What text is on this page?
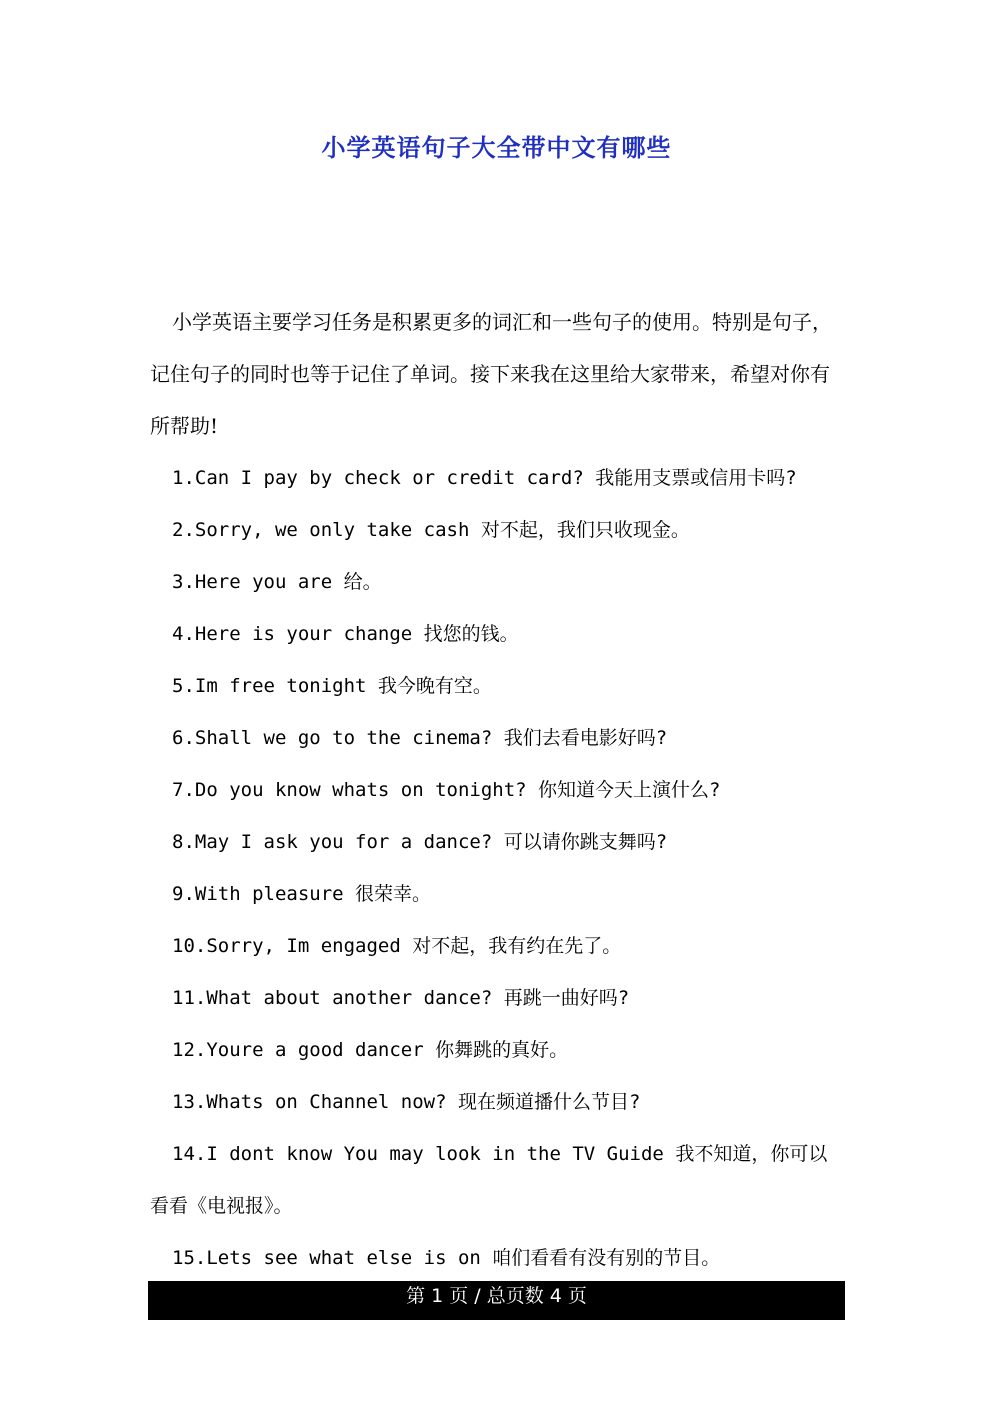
小学英语句子大全带中文有哪些

小学英语主要学习任务是积累更多的词汇和一些句子的使用。特别是句子，记住句子的同时也等于记住了单词。接下来我在这里给大家带来，希望对你有所帮助!

1.Can I pay by check or credit card? 我能用支票或信用卡吗?

2.Sorry, we only take cash 对不起，我们只收现金。

3.Here you are 给。

4.Here is your change 找您的钱。

5.Im free tonight 我今晚有空。

6.Shall we go to the cinema? 我们去看电影好吗?

7.Do you know whats on tonight? 你知道今天上演什么?

8.May I ask you for a dance? 可以请你跳支舞吗?

9.With pleasure 很荣幸。

10.Sorry, Im engaged 对不起，我有约在先了。

11.What about another dance? 再跳一曲好吗?

12.Youre a good dancer 你舞跳的真好。

13.Whats on Channel now? 现在频道播什么节目?

14.I dont know You may look in the TV Guide 我不知道，你可以看看《电视报》。

15.Lets see what else is on 咱们看看有没有别的节目。

第 1 页 / 总页数 4 页
